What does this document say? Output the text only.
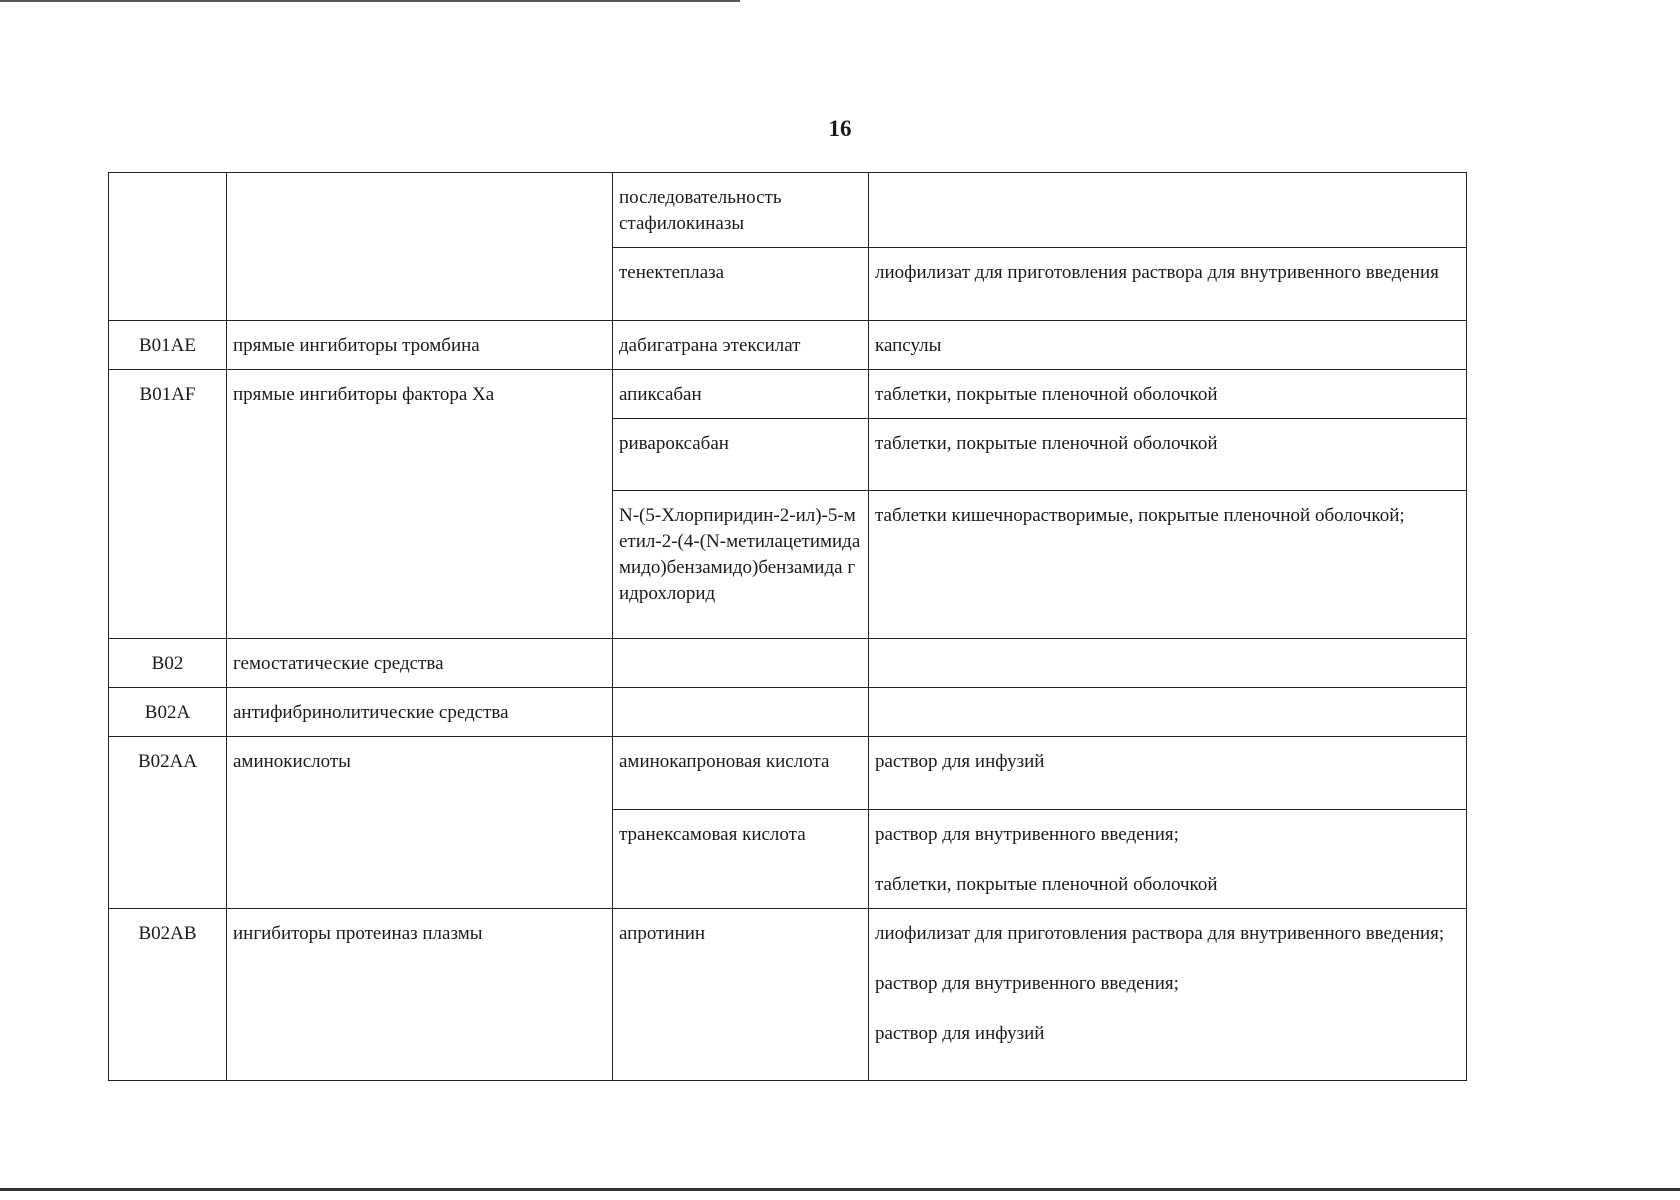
16
		последовательность стафилокиназы	
		тенектеплаза	лиофилизат для приготовления раствора для внутривенного введения
B01AE	прямые ингибиторы тромбина	дабигатрана этексилат	капсулы
B01AF	прямые ингибиторы фактора Xa	апиксабан	таблетки, покрытые пленочной оболочкой
		ривароксабан	таблетки, покрытые пленочной оболочкой
		N-(5-Хлорпиридин-2-ил)-5-метил-2-(4-(N-метилацетимидамидо)бензамидо)бензамида гидрохлорид	таблетки кишечнорастворимые, покрытые пленочной оболочкой;
B02	гемостатические средства		
B02A	антифибринолитические средства		
B02AA	аминокислоты	аминокапроновая кислота	раствор для инфузий
		транексамовая кислота	раствор для внутривенного введения;
таблетки, покрытые пленочной оболочкой

B02AB	ингибиторы протеиназ плазмы	апротинин	лиофилизат для приготовления раствора для внутривенного введения;
раствор для внутривенного введения;
раствор для инфузий
